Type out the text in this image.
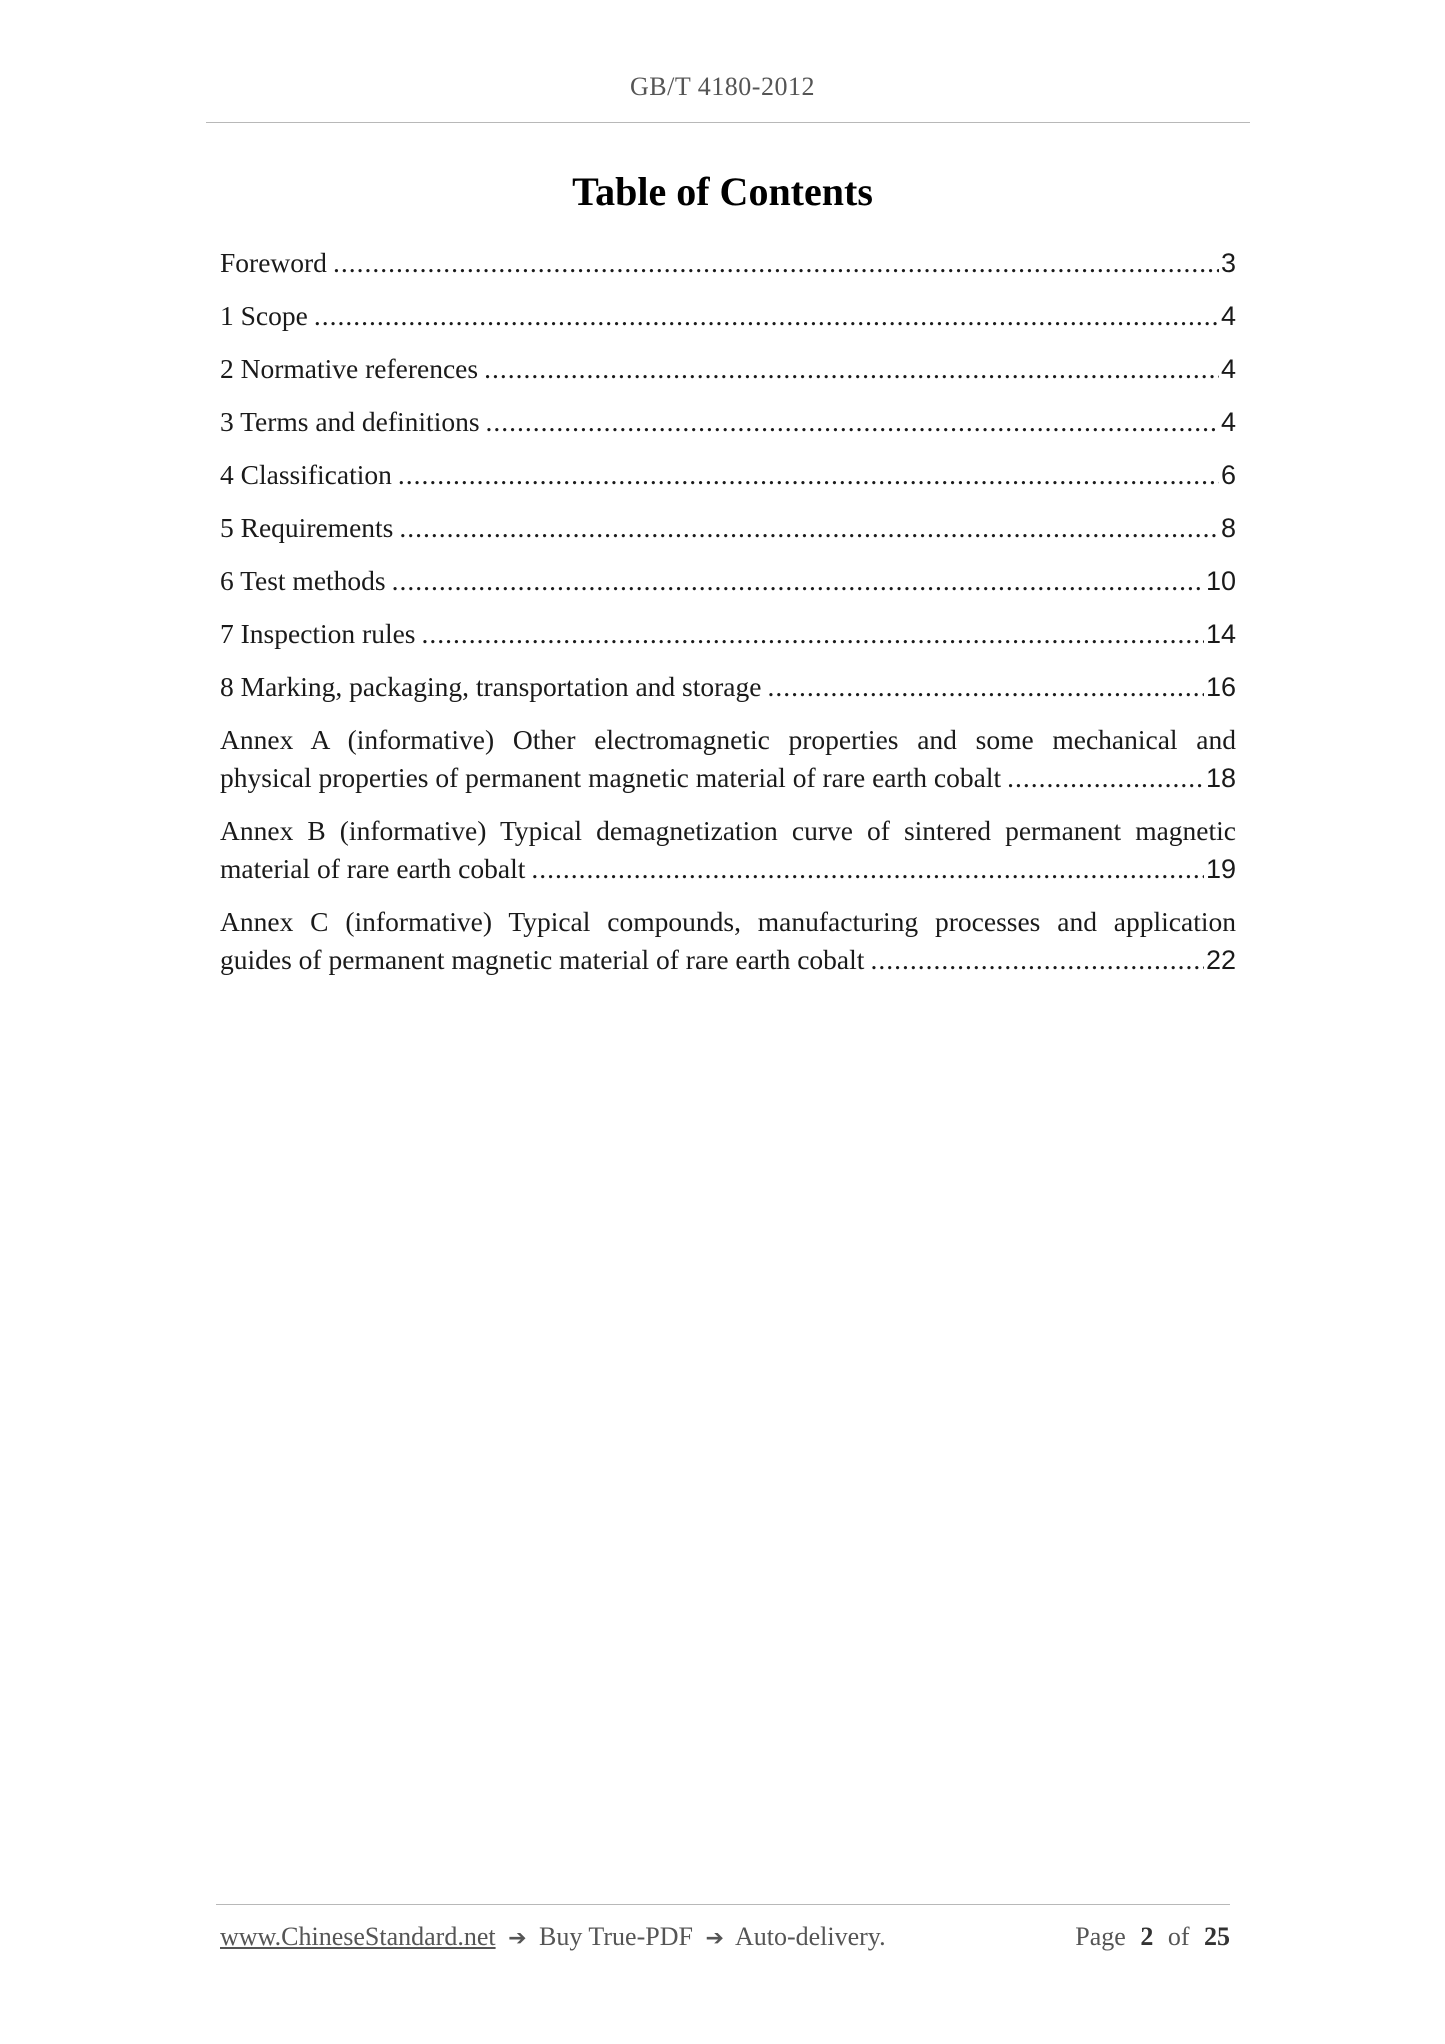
GB/T 4180-2012
Table of Contents
Foreword .....	3
1 Scope .....	4
2 Normative references .....	4
3 Terms and definitions .....	4
4 Classification .....	6
5 Requirements .....	8
6 Test methods .....	10
7 Inspection rules .....	14
8 Marking, packaging, transportation and storage .....	16
Annex A (informative) Other electromagnetic properties and some mechanical and
physical properties of permanent magnetic material of rare earth cobalt .....	18
Annex B (informative) Typical demagnetization curve of sintered permanent magnetic
material of rare earth cobalt .....	19
Annex C (informative) Typical compounds, manufacturing processes and application
guides of permanent magnetic material of rare earth cobalt .....	22
www.ChineseStandard.net ➔ Buy True-PDF ➔ Auto-delivery.	Page 2 of 25
